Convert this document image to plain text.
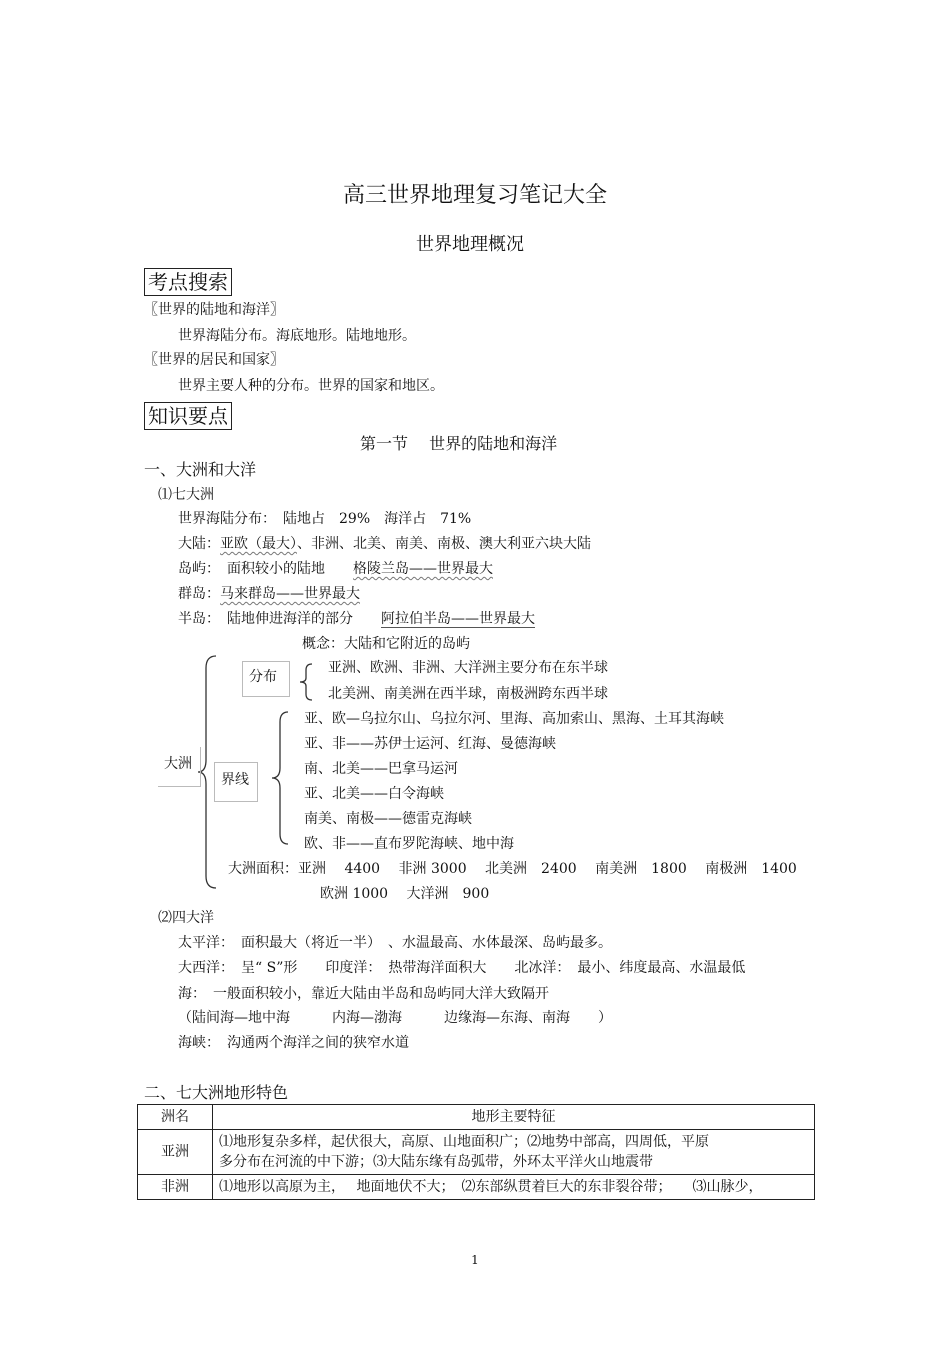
高三世界地理复习笔记大全
世界地理概况
考点搜索
〖世界的陆地和海洋〗
世界海陆分布。海底地形。陆地地形。
〖世界的居民和国家〗
世界主要人种的分布。世界的国家和地区。
知识要点
第一节　 世界的陆地和海洋
一、大洲和大洋
⑴七大洲
世界海陆分布：　陆地占　29%　海洋占　71%
大陆：亚欧（最大）、非洲、北美、南美、南极、澳大利亚六块大陆
岛屿：　面积较小的陆地　　格陵兰岛——世界最大
群岛：马来群岛——世界最大
半岛：　陆地伸进海洋的部分　　阿拉伯半岛——世界最大
概念：大陆和它附近的岛屿
大洲
分布
亚洲、欧洲、非洲、大洋洲主要分布在东半球
北美洲、南美洲在西半球，南极洲跨东西半球
界线
亚、欧—乌拉尔山、乌拉尔河、里海、高加索山、黑海、土耳其海峡
亚、非——苏伊士运河、红海、曼德海峡
南、北美——巴拿马运河
亚、北美——白令海峡
南美、南极——德雷克海峡
欧、非——直布罗陀海峡、地中海
大洲面积：亚洲　 4400　 非洲 3000　 北美洲　2400　 南美洲　1800　 南极洲　1400
欧洲 1000　 大洋洲　900
⑵四大洋
太平洋：　面积最大（将近一半）　、水温最高、水体最深、岛屿最多。
大西洋：　呈“ S”形　　印度洋：　热带海洋面积大　　北冰洋：　最小、纬度最高、水温最低
海：　一般面积较小，靠近大陆由半岛和岛屿同大洋大致隔开
（陆间海—地中海　　　内海—渤海　　　边缘海—东海、南海　　）
海峡：　沟通两个海洋之间的狭窄水道
二、七大洲地形特色
洲名	地形主要特征
亚洲	⑴地形复杂多样，起伏很大，高原、山地面积广；⑵地势中部高，四周低，平原
多分布在河流的中下游；⑶大陆东缘有岛弧带，外环太平洋火山地震带

非洲	⑴地形以高原为主，　 地面地伏不大；　⑵东部纵贯着巨大的东非裂谷带；　　⑶山脉少，
1
